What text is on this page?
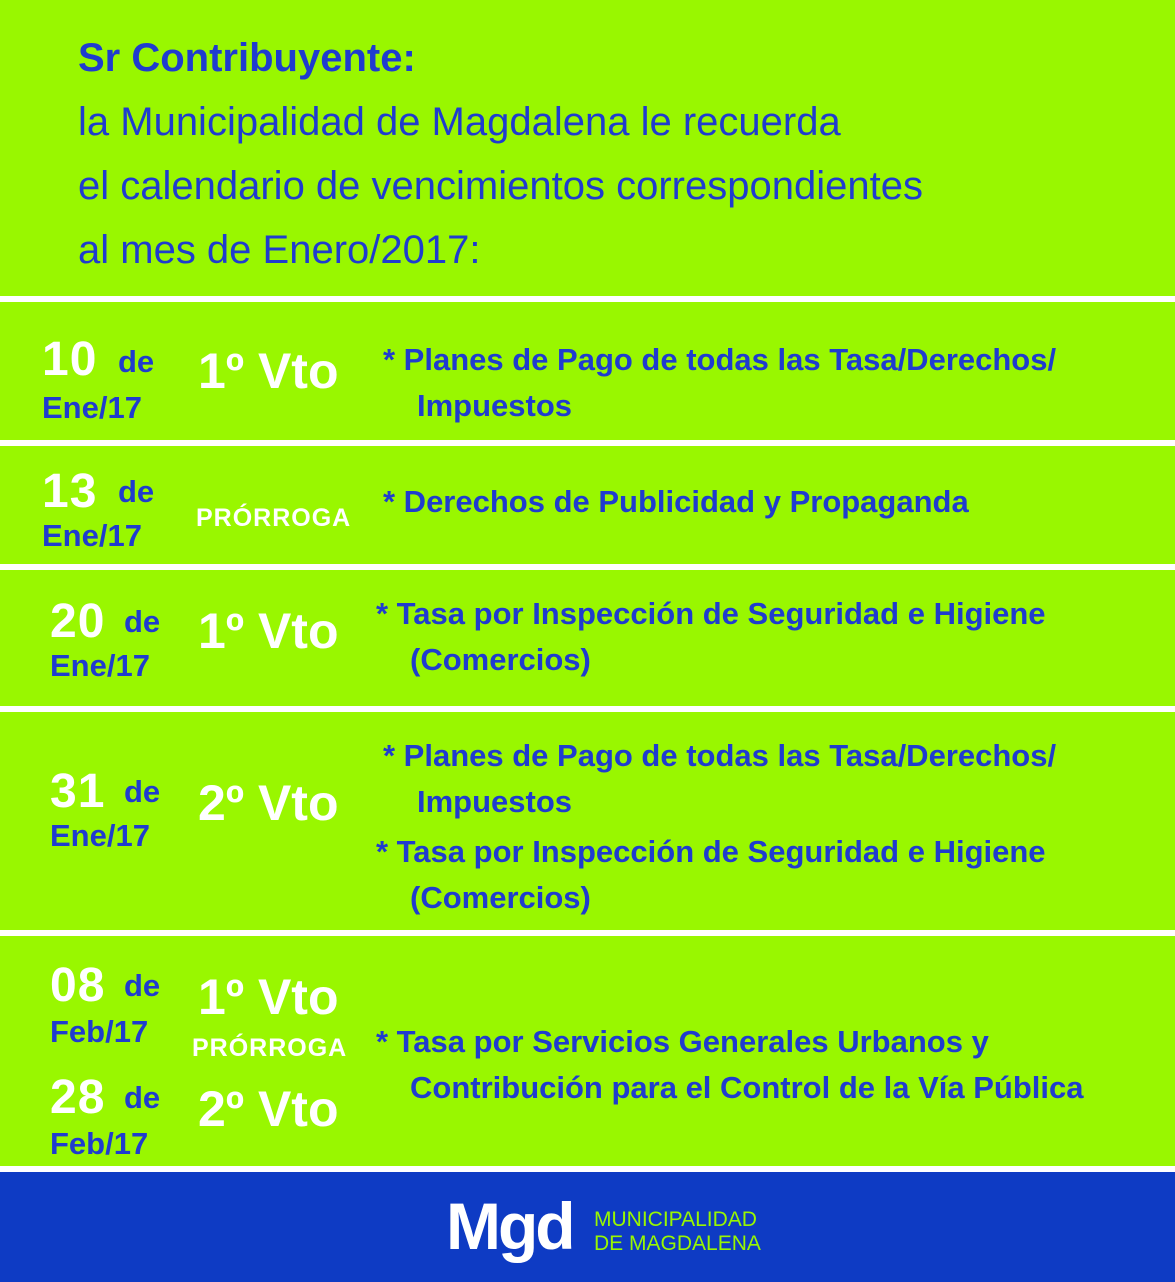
Sr Contribuyente:
la Municipalidad de Magdalena le recuerda
el calendario de vencimientos correspondientes
al mes de Enero/2017:
10 de
Ene/17
1º Vto * Planes de Pago de todas las Tasa/Derechos/
Impuestos
13 de
Ene/17 PRÓRROGA * Derechos de Publicidad y Propaganda
20 de
Ene/17
1º Vto * Tasa por Inspección de Seguridad e Higiene
(Comercios)
31 de
Ene/17
2º Vto
* Planes de Pago de todas las Tasa/Derechos/
Impuestos
* Tasa por Inspección de Seguridad e Higiene
(Comercios)
08 de
Feb/17
28 de
Feb/17
1º Vto
PRÓRROGA
2º Vto
* Tasa por Servicios Generales Urbanos y
Contribución para el Control de la Vía Pública
Mgd MUNICIPALIDAD
DE MAGDALENA
